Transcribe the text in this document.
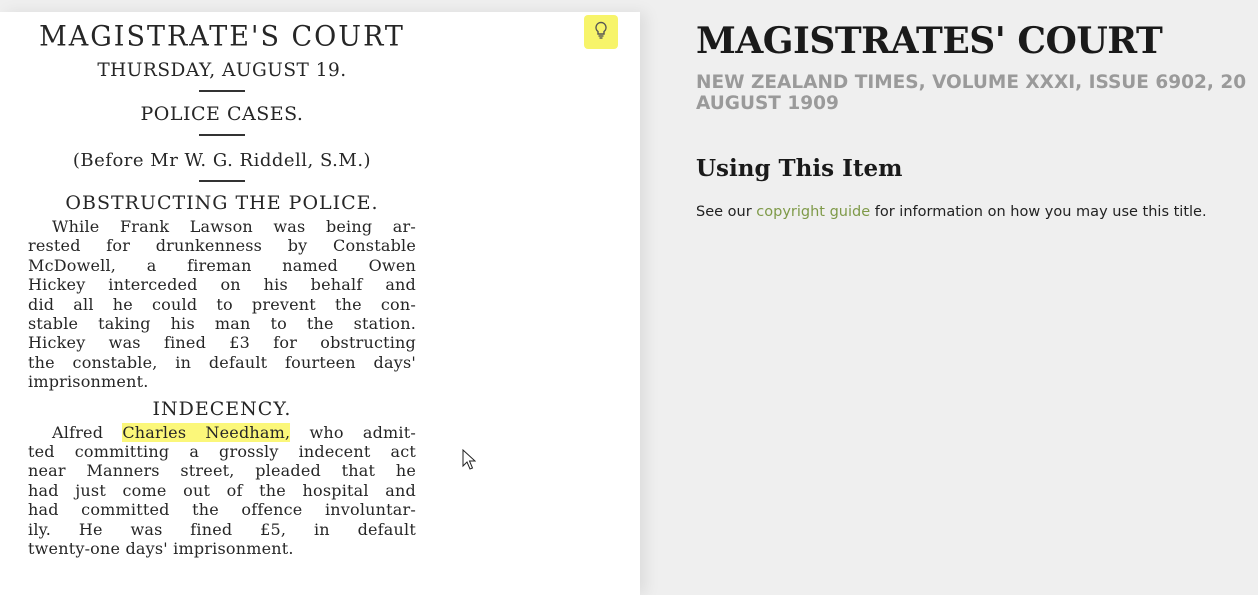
MAGISTRATE'S COURT
THURSDAY, AUGUST 19.
POLICE CASES.
(Before Mr W. G. Riddell, S.M.)
OBSTRUCTING THE POLICE.
While Frank Lawson was being ar-
rested for drunkenness by Constable
McDowell, a fireman named Owen
Hickey interceded on his behalf and
did all he could to prevent the con-
stable taking his man to the station.
Hickey was fined £3 for obstructing
the constable, in default fourteen days'
imprisonment.
INDECENCY.
Alfred Charles Needham, who admit-
ted committing a grossly indecent act
near Manners street, pleaded that he
had just come out of the hospital and
had committed the offence involuntar-
ily. He was fined £5, in default
twenty-one days' imprisonment.
MAGISTRATES' COURT
NEW ZEALAND TIMES, VOLUME XXXI, ISSUE 6902, 20 AUGUST 1909
Using This Item
See our copyright guide for information on how you may use this title.
